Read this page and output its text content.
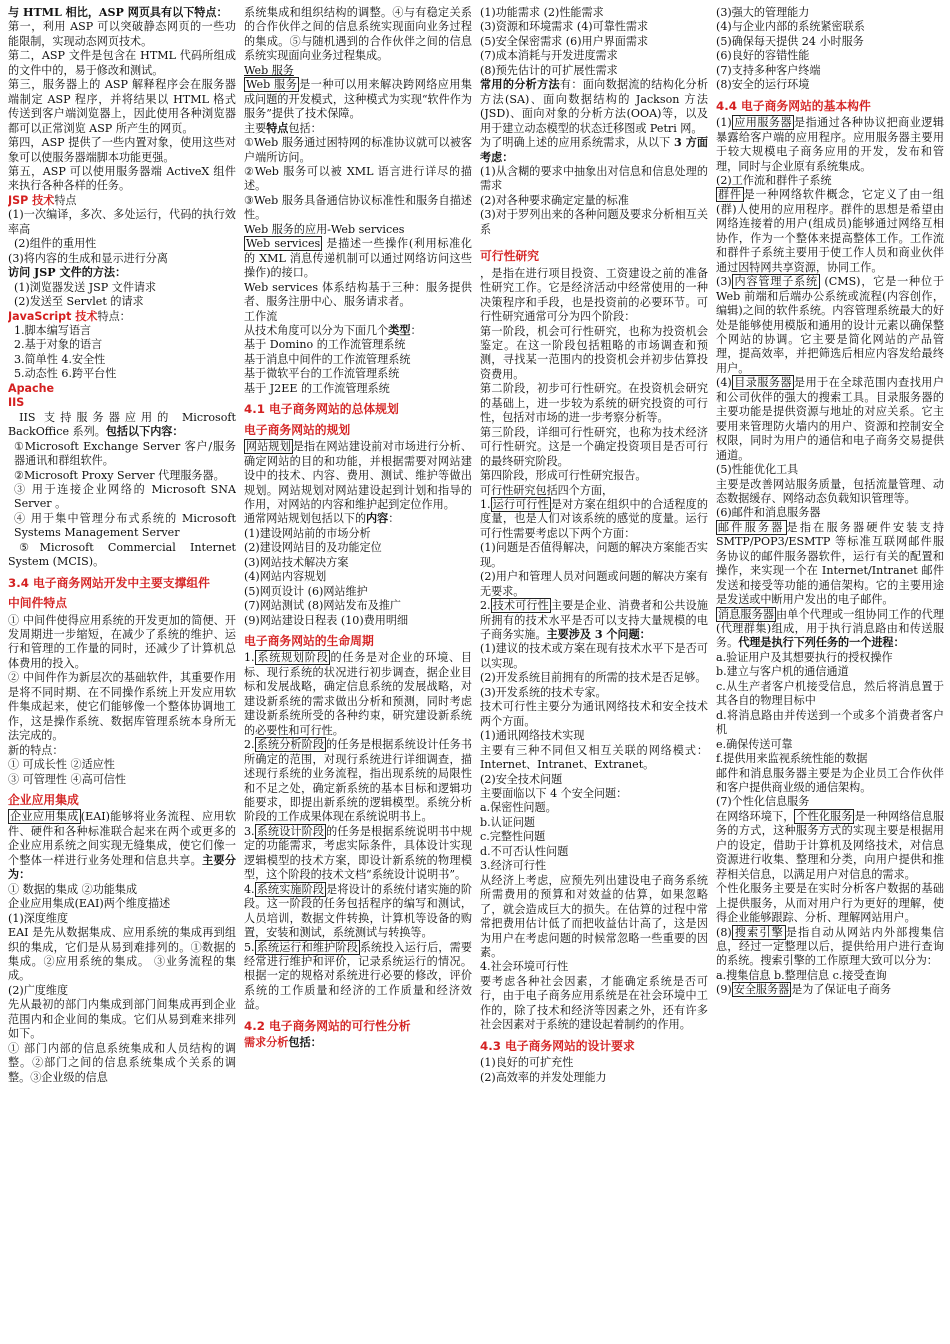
与 HTML 相比，ASP 网页具有以下特点：

第一，利用 ASP 可以突破静态网页的一些功能限制，实现动态网页技术。

第二，ASP 文件是包含在 HTML 代码所组成的文件中的，易于修改和测试。

第三，服务器上的 ASP 解释程序会在服务器端制定 ASP 程序，并将结果以 HTML 格式传送到客户端浏览器上，因此使用各种浏览器都可以正常浏览 ASP 所产生的网页。

第四，ASP 提供了一些内置对象，使用这些对象可以使服务器端脚本功能更强。

第五，ASP 可以使用服务器端 ActiveX 组件来执行各种各样的任务。

JSP 技术特点

(1)一次编译，多次、多处运行，代码的执行效率高

(2)组件的重用性

(3)将内容的生成和显示进行分离

访问 JSP 文件的方法：

(1)浏览器发送 JSP 文件请求

(2)发送至 Servlet 的请求

JavaScript 技术特点：

1.脚本编写语言

2.基于对象的语言

3.简单性 4.安全性

5.动态性 6.跨平台性

Apache

IIS

IIS 支持服务器应用的 Microsoft BackOffice 系列。包括以下内容：

①Microsoft Exchange Server 客户/服务器通讯和群组软件。

②Microsoft Proxy Server 代理服务器。

③ 用于连接企业网络的 Microsoft SNA Server 。

④ 用于集中管理分布式系统的 Microsoft Systems Management Server

⑤Microsoft Commercial Internet System (MCIS)。

3.4 电子商务网站开发中主要支撑组件

中间件特点

① 中间件使得应用系统的开发更加的简便、开发周期进一步缩短，在减少了系统的维护、运行和管理的工作量的同时，还减少了计算机总体费用的投入。

② 中间件作为新层次的基础软件，其重要作用是将不同时期、在不同操作系统上开发应用软件集成起来，使它们能够像一个整体协调地工作，这是操作系统、数据库管理系统本身所无法完成的。

新的特点：

① 可成长性 ②适应性

③ 可管理性 ④高可信性

企业应用集成

企业应用集成 (EAI)能够将业务流程、应用软件、硬件和各种标准联合起来在两个或更多的企业应用系统之间实现无缝集成，使它们像一个整体一样进行业务处理和信息共享。主要分为：

① 数据的集成 ②功能集成

企业应用集成(EAI)两个维度描述

(1)深度维度

EAI 是先从数据集成、应用系统的集成再到组织的集成，它们是从易到难排列的。①数据的集成。②应用系统的集成。 ③业务流程的集成。

(2)广度维度

先从最初的部门内集成到部门间集成再到企业范围内和企业间的集成。它们从易到难来排列如下。

① 部门内部的信息系统集成和人员结构的调整。②部门之间的信息系统集成个关系的调整。③企业级的信息

系统集成和组织结构的调整。④与有稳定关系的合作伙伴之间的信息系统实现面向业务过程的集成。⑤与随机遇到的合作伙伴之间的信息系统实现面向业务过程集成。

Web 服务

Web 服务 是一种可以用来解决跨网络应用集成问题的开发模式，这种模式为实现“软件作为服务”提供了技术保障。

主要特点包括：

①Web 服务通过困特网的标准协议就可以被客户端所访问。

②Web 服务可以被 XML 语言进行详尽的描述。

③Web 服务具备通信协议标准性和服务自描述性。

Web 服务的应用-Web services

Web services 是描述一些操作(利用标准化的 XML 消息传递机制可以通过网络访问这些操作)的接口。

Web services 体系结构基于三种：服务提供者、服务注册中心、服务请求者。

工作流

从技术角度可以分为下面几个类型：

基于 Domino 的工作流管理系统

基于消息中间件的工作流管理系统

基于微软平台的工作流管理系统

基于 J2EE 的工作流管理系统

4.1 电子商务网站的总体规划

电子商务网站的规划

网站规划 是指在网站建设前对市场进行分析、确定网站的目的和功能，并根据需要对网站建设中的技术、内容、费用、测试、维护等做出规划。网站规划对网站建设起到计划和指导的作用，对网站的内容和维护起到定位作用。

通常网站规划包括以下的内容：

(1)建设网站前的市场分析

(2)建设网站目的及功能定位

(3)网站技术解决方案

(4)网站内容规划

(5)网页设计 (6)网站维护

(7)网站测试 (8)网站发布及推广

(9)网站建设日程表 (10)费用明细

电子商务网站的生命周期

1. 系统规划阶段 的任务是对企业的环境、目标、现行系统的状况进行初步调查，据企业目标和发展战略，确定信息系统的发展战略，对建设新系统的需求做出分析和预测，同时考虑建设新系统所受的各种约束，研究建设新系统的必要性和可行性。

2. 系统分析阶段 的任务是根据系统设计任务书所确定的范围，对现行系统进行详细调查，描述现行系统的业务流程，指出现系统的局限性和不足之处，确定新系统的基本目标和逻辑功能要求，即提出新系统的逻辑模型。系统分析阶段的工作成果体现在系统说明书上。

3. 系统设计阶段 的任务是根据系统说明书中规定的功能需求，考虑实际条件，具体设计实现逻辑模型的技术方案，即设计新系统的物理模型，这个阶段的技术文档“系统设计说明书”。

4. 系统实施阶段 是将设计的系统付诸实施的阶段。这一阶段的任务包括程序的编写和测试，人员培训，数据文件转换，计算机等设备的购置，安装和测试，系统测试与转换等。

5. 系统运行和维护阶段 系统投入运行后，需要经常进行维护和评价，记录系统运行的情况。根据一定的规格对系统进行必要的修改，评价系统的工作质量和经济的工作质量和经济效益。

4.2 电子商务网站的可行性分析

需求分析包括：

(1)功能需求 (2)性能需求

(3)资源和环境需求 (4)可靠性需求

(5)安全保密需求 (6)用户界面需求

(7)成本消耗与开发进度需求

(8)预先估计的可扩展性需求

常用的分析方法有：面向数据流的结构化分析方法(SA)、面向数据结构的 Jackson 方法(JSD)、面向对象的分析方法(OOA)等，以及用于建立动态模型的状态迁移图或 Petri 网。

为了明确上述的应用系统需求，从以下 3 方面考虑：

(1)从含糊的要求中抽象出对信息和信息处理的需求

(2)对各种要求确定定量的标准

(3)对于罗列出来的各种问题及要求分析相互关系

可行性研究

，是指在进行项目投资、工资建设之前的准备性研究工作。它是经济活动中经常使用的一种决策程序和手段，也是投资前的必要环节。可行性研究通常可分为四个阶段：

第一阶段，机会可行性研究，也称为投资机会鉴定。在这一阶段包括粗略的市场调查和预测，寻找某一范围内的投资机会并初步估算投资费用。

第二阶段，初步可行性研究。在投资机会研究的基础上，进一步较为系统的研究投资的可行性，包括对市场的进一步考察分析等。

第三阶段，详细可行性研究，也称为技术经济可行性研究。这是一个确定投资项目是否可行的最终研究阶段。

第四阶段，形成可行性研究报告。

可行性研究包括四个方面，

1. 运行可行性 是对方案在组织中的合适程度的度量，也是人们对该系统的感觉的度量。运行可行性需要考虑以下两个方面：

(1)问题是否值得解决，问题的解决方案能否实现。

(2)用户和管理人员对问题或问题的解决方案有无要求。

2. 技术可行性 主要是企业、消费者和公共设施所拥有的技术水平是否可以支持大量规模的电子商务实施。主要涉及 3 个问题：

(1)建议的技术或方案在现有技术水平下是否可以实现。

(2)开发系统目前拥有的所需的技术是否足够。

(3)开发系统的技术专家。

技术可行性主要分为通讯网络技术和安全技术两个方面。

(1)通讯网络技术实现

主要有三种不同但又相互关联的网络模式：Internet、Intranet、Extranet。

(2)安全技术问题

主要面临以下 4 个安全问题：

a.保密性问题。

b.认证问题

c.完整性问题

d.不可否认性问题

3.经济可行性

从经济上考虑，应预先列出建设电子商务系统所需费用的预算和对效益的估算，如果忽略了，就会造成巨大的损失。在估算的过程中常常把费用估计低了而把收益估计高了，这是因为用户在考虑问题的时候常忽略一些重要的因素。

4.社会环境可行性

要考虑各种社会因素，才能确定系统是否可行，由于电子商务应用系统是在社会环境中工作的，除了技术和经济等因素之外，还有许多社会因素对于系统的建设起着制约的作用。

4.3 电子商务网站的设计要求

(1)良好的可扩充性

(2)高效率的并发处理能力

(3)强大的管理能力

(4)与企业内部的系统紧密联系

(5)确保每天提供 24 小时服务

(6)良好的容错性能

(7)支持多种客户终端

(8)安全的运行环境

4.4 电子商务网站的基本构件

(1) 应用服务器 是指通过各种协议把商业逻辑暴露给客户端的应用程序。应用服务器主要用于较大规模电子商务应用的开发，发布和管理，同时与企业原有系统集成。

(2)工作流和群件子系统

群件 是一种网络软件概念，它定义了由一组(群)人使用的应用程序。群件的思想是希望由网络连接着的用户(组成员)能够通过网络互相协作，作为一个整体来提高整体工作。工作流和群件子系统主要用于使工作人员和商业伙伴通过因特网共享资源，协同工作。

(3) 内容管理子系统 (CMS)，它是一种位于 Web 前端和后端办公系统或流程(内容创作，编辑)之间的软件系统。内容管理系统最大的好处是能够使用模版和通用的设计元素以确保整个网站的协调。它主要是简化网站的产品管理，提高效率，并把筛选后相应内容发给最终用户。

(4) 目录服务器 是用于在全球范围内查找用户和公司伙伴的强大的搜索工具。目录服务器的主要功能是提供资源与地址的对应关系。它主要用来管理防火墙内的用户、资源和控制安全权限，同时为用户的通信和电子商务交易提供通道。

(5)性能优化工具

主要是改善网站服务质量，包括流量管理、动态数据缓存、网络动态负载知识管理等。

(6)邮件和消息服务器

邮件服务器 是指在服务器硬件安装支持 SMTP/POP3/ESMTP 等标准互联网邮件服务协议的邮件服务器软件，运行有关的配置和操作，来实现一个在 Internet/Intranet 邮件发送和接受等功能的通信架构。它的主要用途是发送或中断用户发出的电子邮件。

消息服务器 由单个代理或一组协同工作的代理(代理群集)组成，用于执行消息路由和传送服务。代理是执行下列任务的一个进程：

a.验证用户及其想要执行的授权操作

b.建立与客户机的通信通道

c.从生产者客户机接受信息，然后将消息置于其各自的物理目标中

d.将消息路由并传送到一个或多个消费者客户机

e.确保传送可靠

f.提供用来监视系统性能的数据

邮件和消息服务器主要是为企业员工合作伙伴和客户提供商业级的通信架构。

(7)个性化信息服务

在网络环境下， 个性化服务 是一种网络信息服务的方式，这种服务方式的实现主要是根据用户的设定，借助于计算机及网络技术，对信息资源进行收集、整理和分类，向用户提供和推荐相关信息，以满足用户对信息的需求。

个性化服务主要是在实时分析客户数据的基础上提供服务，从而对用户行为更好的理解，使得企业能够跟踪、分析、理解网站用户。

(8) 搜索引擎 是指自动从网站内外部搜集信息，经过一定整理以后，提供给用户进行查询的系统。搜索引擎的工作原理大致可以分为：

a.搜集信息 b.整理信息 c.接受查询

(9) 安全服务器 是为了保证电子商务
